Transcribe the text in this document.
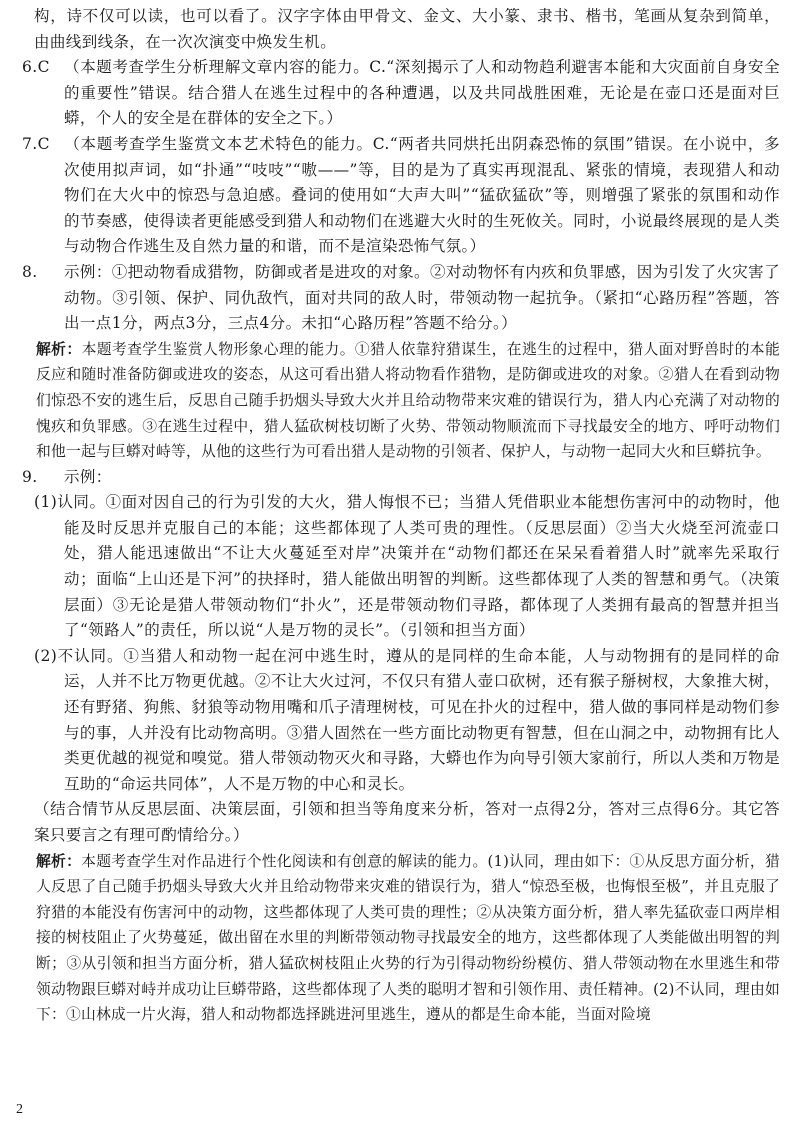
构，诗不仅可以读，也可以看了。汉字字体由甲骨文、金文、大小篆、隶书、楷书，笔画从复杂到简单，由曲线到线条，在一次次演变中焕发生机。

6.C （本题考查学生分析理解文章内容的能力。C.“深刻揭示了人和动物趋利避害本能和大灾面前自身安全的重要性”错误。结合猎人在逃生过程中的各种遭遇，以及共同战胜困难，无论是在壶口还是面对巨蟒，个人的安全是在群体的安全之下。）

7.C （本题考查学生鉴赏文本艺术特色的能力。C.“两者共同烘托出阴森恐怖的氛围”错误。在小说中，多次使用拟声词，如“扑通”“吱吱”“嗷——”等，目的是为了真实再现混乱、紧张的情境，表现猎人和动物们在大火中的惊恐与急迫感。叠词的使用如“大声大叫”“猛砍猛砍”等，则增强了紧张的氛围和动作的节奏感，使得读者更能感受到猎人和动物们在逃避大火时的生死攸关。同时，小说最终展现的是人类与动物合作逃生及自然力量的和谐，而不是渲染恐怖气氛。）

8. 示例：①把动物看成猎物，防御或者是进攻的对象。②对动物怀有内疚和负罪感，因为引发了火灾害了动物。③引领、保护、同仇敌忾，面对共同的敌人时，带领动物一起抗争。（紧扣“心路历程”答题，答出一点1分，两点3分，三点4分。未扣“心路历程”答题不给分。）

解析：本题考查学生鉴赏人物形象心理的能力。①猎人依靠狩猎谋生，在逃生的过程中，猎人面对野兽时的本能反应和随时准备防御或进攻的姿态，从这可看出猎人将动物看作猎物，是防御或进攻的对象。②猎人在看到动物们惊恐不安的逃生后，反思自己随手扔烟头导致大火并且给动物带来灾难的错误行为，猎人内心充满了对动物的愧疚和负罪感。③在逃生过程中，猎人猛砍树枝切断了火势、带领动物顺流而下寻找最安全的地方、呼吁动物们和他一起与巨蟒对峙等，从他的这些行为可看出猎人是动物的引领者、保护人，与动物一起同大火和巨蟒抗争。

9. 示例：

(1)认同。①面对因自己的行为引发的大火，猎人悔恨不已；当猎人凭借职业本能想伤害河中的动物时，他能及时反思并克服自己的本能；这些都体现了人类可贵的理性。（反思层面）②当大火烧至河流壶口处，猎人能迅速做出“不让大火蔓延至对岸”决策并在“动物们都还在呆呆看着猎人时”就率先采取行动；面临“上山还是下河”的抉择时，猎人能做出明智的判断。这些都体现了人类的智慧和勇气。（决策层面）③无论是猎人带领动物们“扑火”，还是带领动物们寻路，都体现了人类拥有最高的智慧并担当了“领路人”的责任，所以说“人是万物的灵长”。（引领和担当方面）

(2)不认同。①当猎人和动物一起在河中逃生时，遵从的是同样的生命本能，人与动物拥有的是同样的命运，人并不比万物更优越。②不让大火过河，不仅只有猎人壶口砍树，还有猴子掰树杈，大象推大树，还有野猪、狗熊、豺狼等动物用嘴和爪子清理树枝，可见在扑火的过程中，猎人做的事同样是动物们参与的事，人并没有比动物高明。③猎人固然在一些方面比动物更有智慧，但在山洞之中，动物拥有比人类更优越的视觉和嗅觉。猎人带领动物灭火和寻路，大蟒也作为向导引领大家前行，所以人类和万物是互助的“命运共同体”，人不是万物的中心和灵长。

（结合情节从反思层面、决策层面，引领和担当等角度来分析，答对一点得2分，答对三点得6分。其它答案只要言之有理可酌情给分。）

解析：本题考查学生对作品进行个性化阅读和有创意的解读的能力。(1)认同，理由如下：①从反思方面分析，猎人反思了自己随手扔烟头导致大火并且给动物带来灾难的错误行为，猎人“惊恐至极，也悔恨至极”，并且克服了狩猎的本能没有伤害河中的动物，这些都体现了人类可贵的理性；②从决策方面分析，猎人率先猛砍壶口两岸相接的树枝阻止了火势蔓延，做出留在水里的判断带领动物寻找最安全的地方，这些都体现了人类能做出明智的判断；③从引领和担当方面分析，猎人猛砍树枝阻止火势的行为引得动物纷纷模仿、猎人带领动物在水里逃生和带领动物跟巨蟒对峙并成功让巨蟒带路，这些都体现了人类的聪明才智和引领作用、责任精神。(2)不认同，理由如下：①山林成一片火海，猎人和动物都选择跳进河里逃生，遵从的都是生命本能，当面对险境

2
